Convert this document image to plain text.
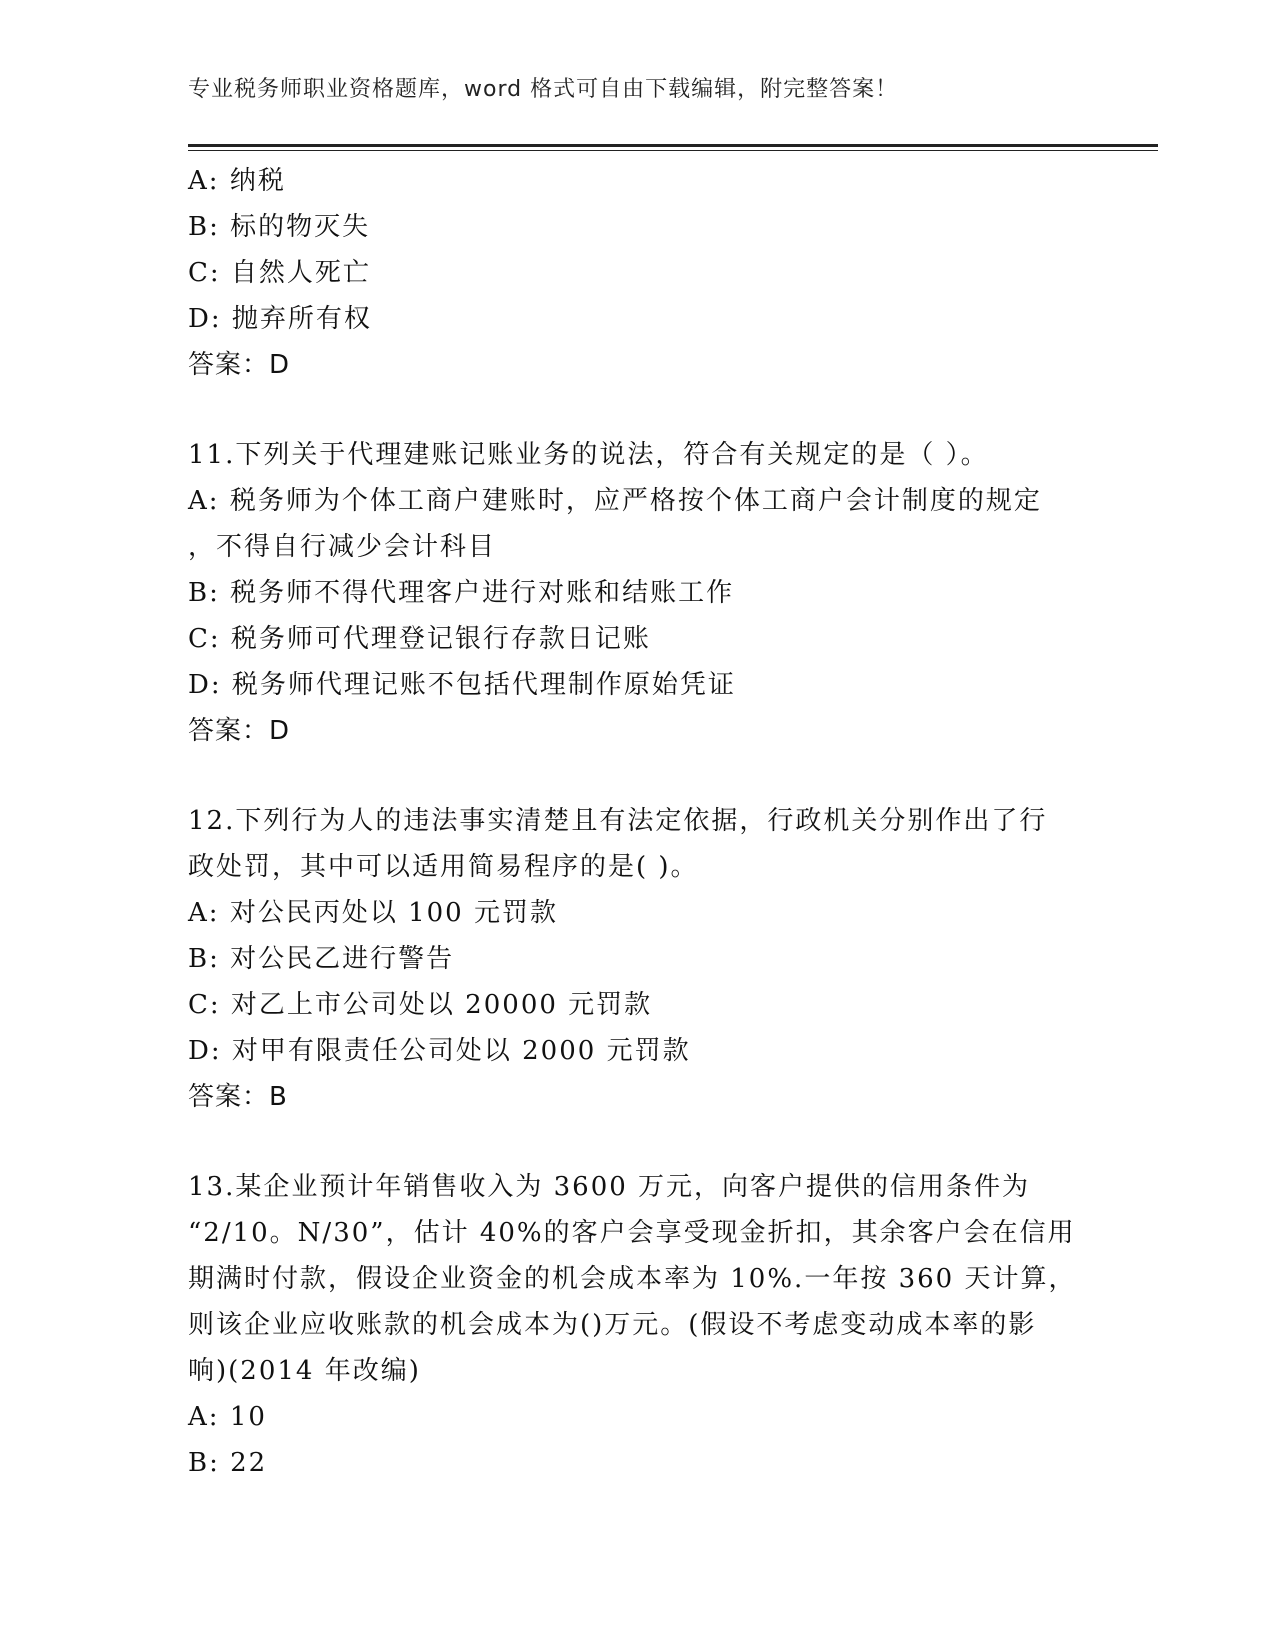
专业税务师职业资格题库，word 格式可自由下载编辑，附完整答案！
A: 纳税
B: 标的物灭失
C: 自然人死亡
D: 抛弃所有权
答案：D
11.下列关于代理建账记账业务的说法，符合有关规定的是（ ）。
A: 税务师为个体工商户建账时，应严格按个体工商户会计制度的规定
，不得自行减少会计科目
B: 税务师不得代理客户进行对账和结账工作
C: 税务师可代理登记银行存款日记账
D: 税务师代理记账不包括代理制作原始凭证
答案：D
12.下列行为人的违法事实清楚且有法定依据，行政机关分别作出了行
政处罚，其中可以适用简易程序的是( )。
A: 对公民丙处以 100 元罚款
B: 对公民乙进行警告
C: 对乙上市公司处以 20000 元罚款
D: 对甲有限责任公司处以 2000 元罚款
答案：B
13.某企业预计年销售收入为 3600 万元，向客户提供的信用条件为
“2/10。N/30”，估计 40%的客户会享受现金折扣，其余客户会在信用
期满时付款，假设企业资金的机会成本率为 10%.一年按 360 天计算，
则该企业应收账款的机会成本为()万元。(假设不考虑变动成本率的影
响)(2014 年改编)
A: 10
B: 22
